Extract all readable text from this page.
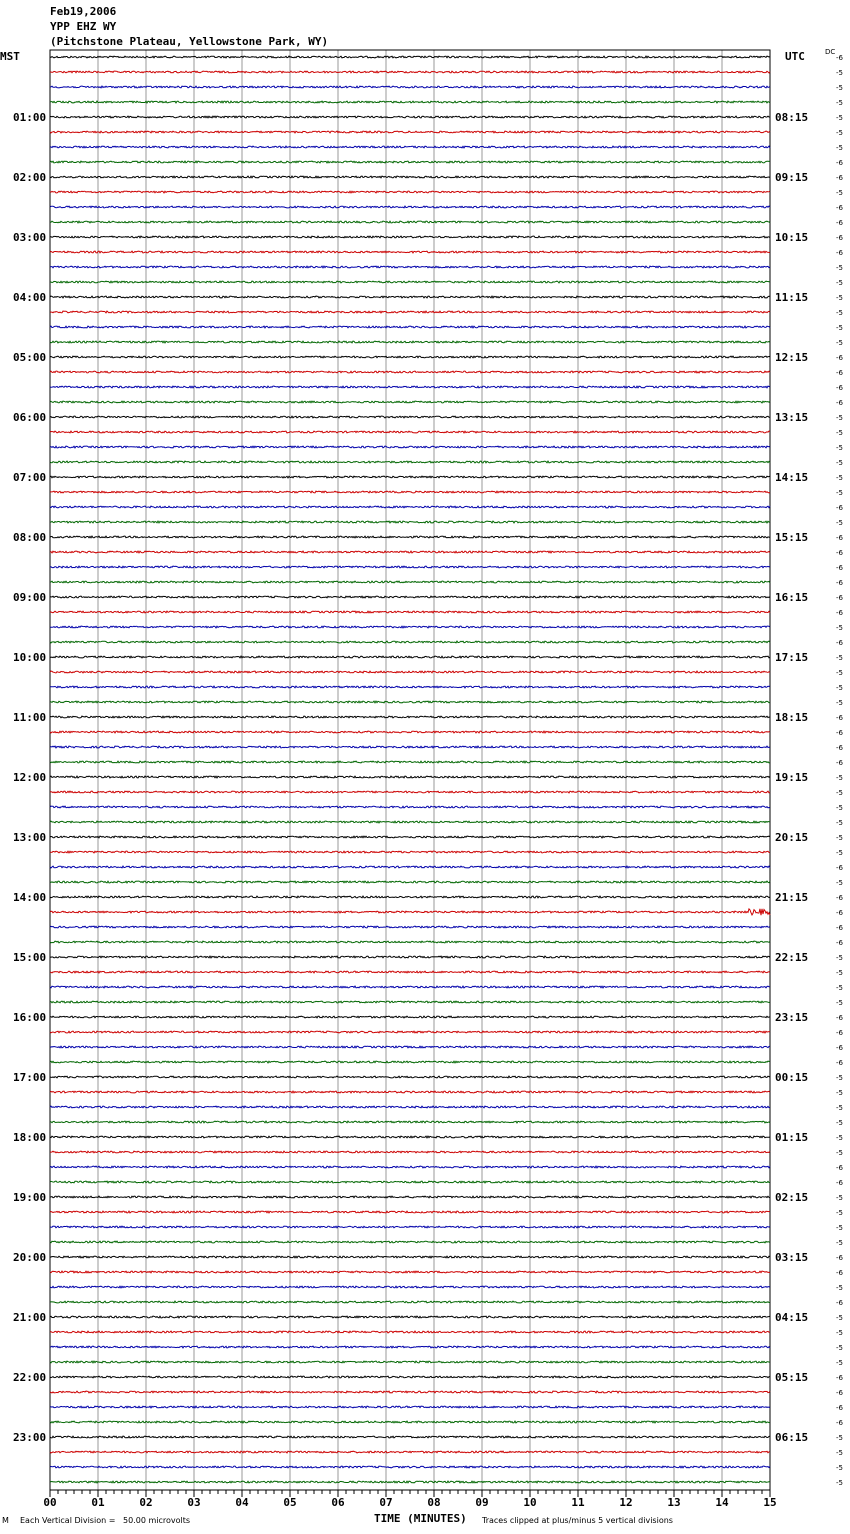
-6
-5
-5
-5
-5
-5
-5
-6
-6
-5
-6
-6
-6
-6
-5
-5
-5
-5
-5
-5
-6
-6
-6
-6
-5
-5
-5
-5
-5
-5
-6
-5
-6
-6
-6
-6
-6
-6
-5
-6
-5
-5
-5
-5
-6
-6
-6
-6
-5
-5
-5
-5
-5
-5
-6
-5
-6
-6
-6
-6
-5
-5
-5
-5
-6
-6
-6
-6
-5
-5
-5
-5
-5
-5
-6
-6
-5
-5
-5
-5
-6
-6
-5
-6
-5
-5
-5
-5
-6
-6
-6
-6
-5
-5
-5
-5
01:00
02:00
03:00
04:00
05:00
06:00
07:00
08:00
09:00
10:00
11:00
12:00
13:00
14:00
15:00
16:00
17:00
18:00
19:00
20:00
21:00
22:00
23:00
08:15
09:15
10:15
11:15
12:15
13:15
14:15
15:15
16:15
17:15
18:15
19:15
20:15
21:15
22:15
23:15
00:15
01:15
02:15
03:15
04:15
05:15
06:15
00	01	02	03	04	05	06	07	08	09	10	11	12	13	14	15
Feb19,2006
YPP EHZ WY
(Pitchstone Plateau, Yellowstone Park, WY)
MST	UTC	DC
M Each Vertical Division =   50.00 microvolts	TIME (MINUTES) Traces clipped at plus/minus 5 vertical divisions
